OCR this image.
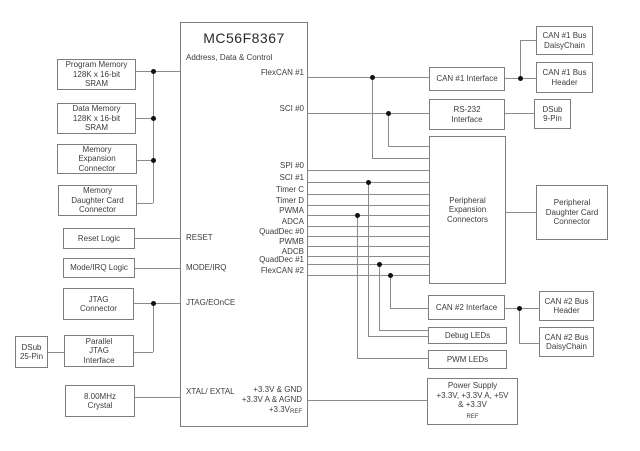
MC56F8367
Address, Data & Control
RESET
MODE/IRQ
JTAG/EOnCE
XTAL/ EXTAL
FlexCAN #1
SCI #0
SPI #0
SCI #1
Timer C
Timer D
PWMA
ADCA
QuadDec #0
PWMB
ADCB
QuadDec #1
FlexCAN #2
+3.3V & GND
+3.3V A & AGND
$+3.3V_{REF}$
Program Memory
128K x 16-bit
SRAM
Data Memory
128K x 16-bit
SRAM
Memory
Expansion
Connector
Memory
Daughter Card
Connector
Reset Logic
Mode/IRQ Logic
JTAG
Connector
Parallel
JTAG
Interface
DSub
25-Pin
8.00MHz
Crystal
CAN #1 Interface
RS-232
Interface
Peripheral
Expansion
Connectors
CAN #2 Interface
Debug LEDs
PWM LEDs
Power Supply
+3.3V, +3.3V A, +5V
& +3.3V
$_{REF}$
CAN #1 Bus
DaisyChain
CAN #1 Bus
Header
DSub
9-Pin
Peripheral
Daughter Card
Connector
CAN #2 Bus
Header
CAN #2 Bus
DaisyChain
